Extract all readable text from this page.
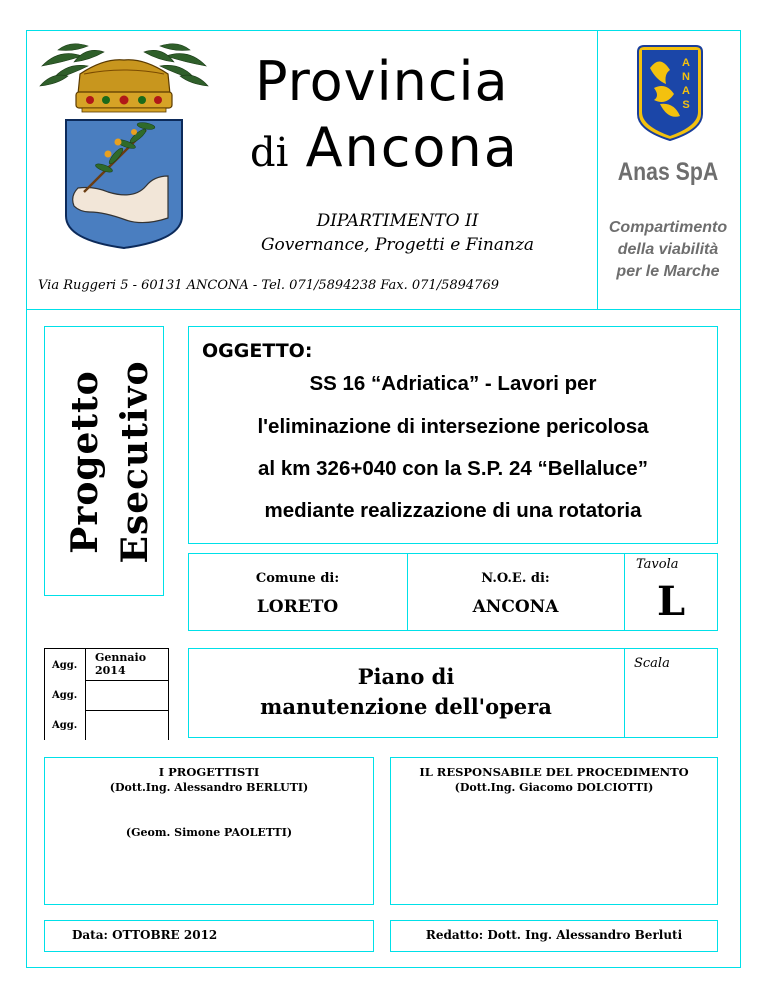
Provincia
di Ancona
DIPARTIMENTO II
Governance, Progetti e Finanza
Via Ruggeri 5 - 60131 ANCONA - Tel. 071/5894238 Fax. 071/5894769
A
N
A
S
Anas SpA
Compartimento
della viabilità
per le Marche
Progetto Esecutivo
OGGETTO:
SS 16 “Adriatica” - Lavori per
l'eliminazione di intersezione pericolosa
al km 326+040 con la S.P. 24 “Bellaluce”
mediante realizzazione di una rotatoria
Comune di:
LORETO
N.O.E. di:
ANCONA
Tavola
L
Agg.
Gennaio
2014
Agg.
Agg.
Piano di
manutenzione dell'opera
Scala
I PROGETTISTI
(Dott.Ing. Alessandro BERLUTI)
(Geom. Simone PAOLETTI)
IL RESPONSABILE DEL PROCEDIMENTO
(Dott.Ing. Giacomo DOLCIOTTI)
Data: OTTOBRE 2012	Redatto: Dott. Ing. Alessandro Berluti
